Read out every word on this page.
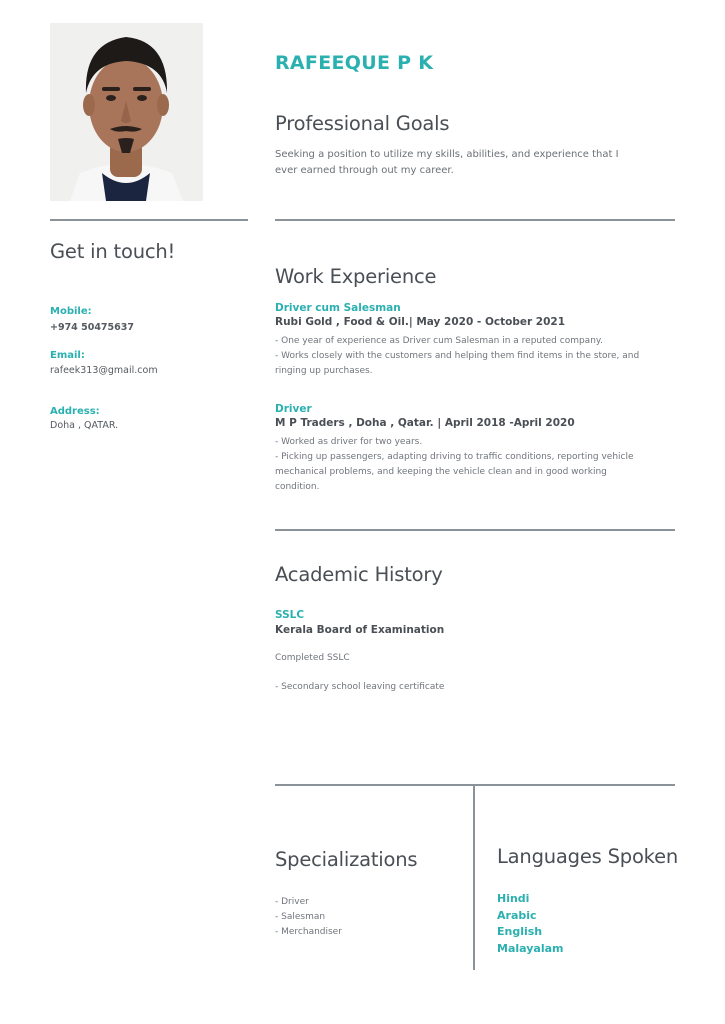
RAFEEQUE P K
Professional Goals
Seeking a position to utilize my skills, abilities, and experience that I
ever earned through out my career.
Get in touch!
Mobile:
+974 50475637
Email:
rafeek313@gmail.com
Address:
Doha , QATAR.
Work Experience
Driver cum Salesman
Rubi Gold , Food & Oil.| May 2020 - October 2021
- One year of experience as Driver cum Salesman in a reputed company.
- Works closely with the customers and helping them find items in the store, and
ringing up purchases.
Driver
M P Traders , Doha , Qatar. | April 2018 -April 2020
- Worked as driver for two years.
- Picking up passengers, adapting driving to traffic conditions, reporting vehicle
mechanical problems, and keeping the vehicle clean and in good working
condition.
Academic History
SSLC
Kerala Board of Examination
Completed SSLC
- Secondary school leaving certificate
Specializations
- Driver
- Salesman
- Merchandiser
Languages Spoken
Hindi
Arabic
English
Malayalam
